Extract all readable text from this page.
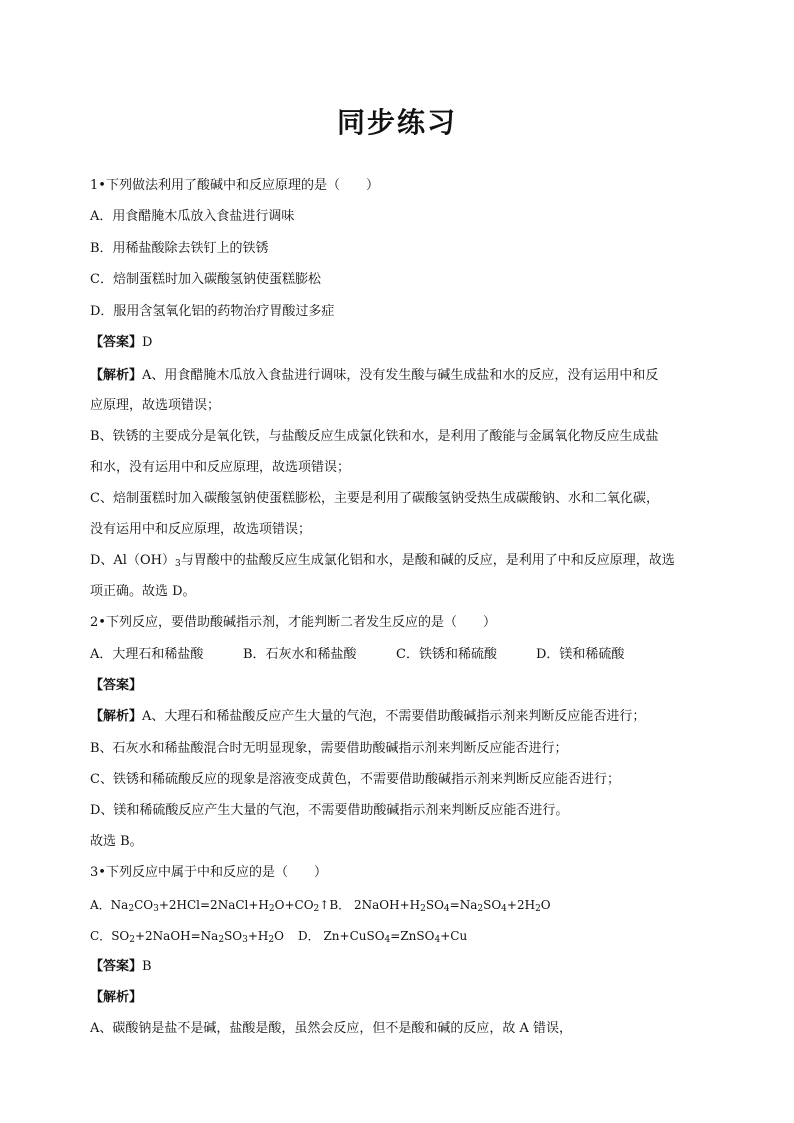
同步练习
1•下列做法利用了酸碱中和反应原理的是（　　）
A．用食醋腌木瓜放入食盐进行调味
B．用稀盐酸除去铁钉上的铁锈
C．焙制蛋糕时加入碳酸氢钠使蛋糕膨松
D．服用含氢氧化铝的药物治疗胃酸过多症
【答案】D
【解析】A、用食醋腌木瓜放入食盐进行调味，没有发生酸与碱生成盐和水的反应，没有运用中和反
应原理，故选项错误；
B、铁锈的主要成分是氧化铁，与盐酸反应生成氯化铁和水，是利用了酸能与金属氧化物反应生成盐
和水，没有运用中和反应原理，故选项错误；
C、焙制蛋糕时加入碳酸氢钠使蛋糕膨松，主要是利用了碳酸氢钠受热生成碳酸钠、水和二氧化碳，
没有运用中和反应原理，故选项错误；
D、$Al(OH)_3$与胃酸中的盐酸反应生成氯化铝和水，是酸和碱的反应，是利用了中和反应原理，故选
项正确。故选 D。
2•下列反应，要借助酸碱指示剂，才能判断二者发生反应的是（　　）
A．大理石和稀盐酸	B．石灰水和稀盐酸	C．铁锈和稀硫酸	D．镁和稀硫酸
【答案】
【解析】A、大理石和稀盐酸反应产生大量的气泡，不需要借助酸碱指示剂来判断反应能否进行；
B、石灰水和稀盐酸混合时无明显现象，需要借助酸碱指示剂来判断反应能否进行；
C、铁锈和稀硫酸反应的现象是溶液变成黄色，不需要借助酸碱指示剂来判断反应能否进行；
D、镁和稀硫酸反应产生大量的气泡，不需要借助酸碱指示剂来判断反应能否进行。
故选 B。
3•下列反应中属于中和反应的是（　　）
A．$Na_2CO_3+2HCl=2NaCl+H_2O+CO_2↑B$． $2NaOH+H_2SO_4=Na_2SO_4+2H_2O$
C．$SO_2+2NaOH=Na_2SO_3+H_2O$ D． Zn+CuSO$_4$=ZnSO$_4$+Cu
【答案】B
【解析】
A、碳酸钠是盐不是碱，盐酸是酸，虽然会反应，但不是酸和碱的反应，故 A 错误，
